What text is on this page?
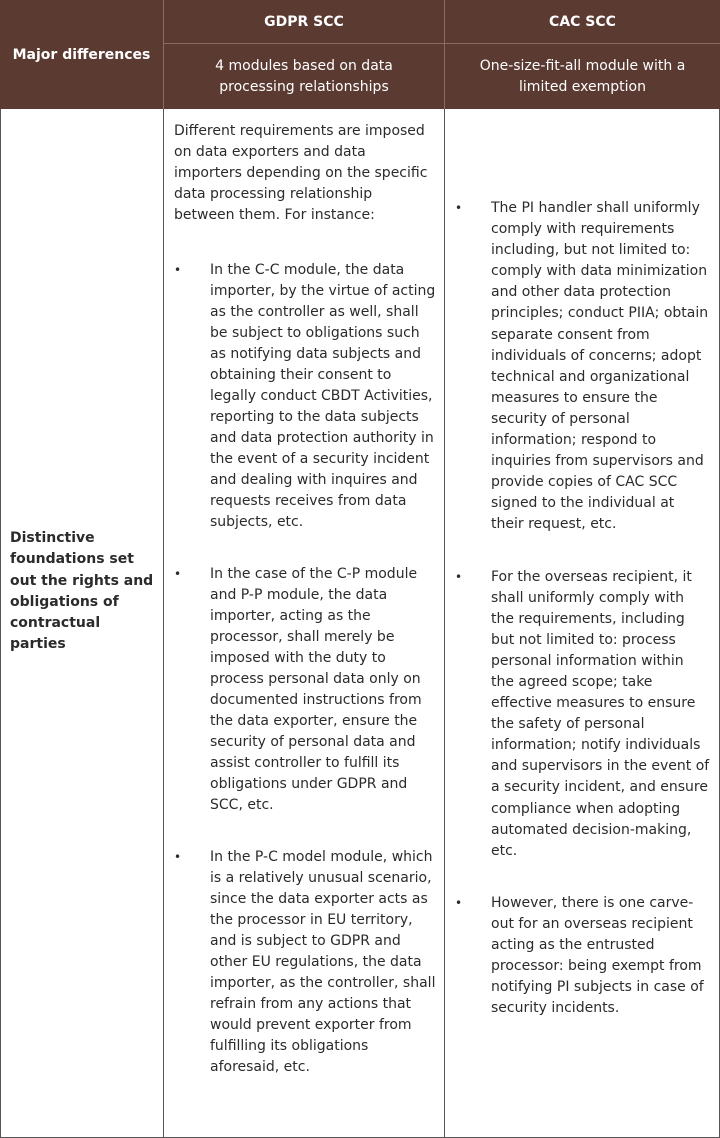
Major differences
GDPR SCC	CAC SCC
4 modules based on data processing relationships
One-size-fit-all module with a limited exemption
Distinctive foundations set out the rights and obligations of contractual parties

Different requirements are imposed on data exporters and data importers depending on the specific data processing relationship between them. For instance:

• In the C-C module, the data importer, by the virtue of acting as the controller as well, shall be subject to obligations such as notifying data subjects and obtaining their consent to legally conduct CBDT Activities, reporting to the data subjects and data protection authority in the event of a security incident and dealing with inquires and requests receives from data subjects, etc.
• In the case of the C-P module and P-P module, the data importer, acting as the processor, shall merely be imposed with the duty to process personal data only on documented instructions from the data exporter, ensure the security of personal data and assist controller to fulfill its obligations under GDPR and SCC, etc.
• In the P-C model module, which is a relatively unusual scenario, since the data exporter acts as the processor in EU territory, and is subject to GDPR and other EU regulations, the data importer, as the controller, shall refrain from any actions that would prevent exporter from fulfilling its obligations aforesaid, etc.
• The PI handler shall uniformly comply with requirements including, but not limited to: comply with data minimization and other data protection principles; conduct PIIA; obtain separate consent from individuals of concerns; adopt technical and organizational measures to ensure the security of personal information; respond to inquiries from supervisors and provide copies of CAC SCC signed to the individual at their request, etc.
• For the overseas recipient, it shall uniformly comply with the requirements, including but not limited to: process personal information within the agreed scope; take effective measures to ensure the safety of personal information; notify individuals and supervisors in the event of a security incident, and ensure compliance when adopting automated decision-making, etc.
• However, there is one carve-out for an overseas recipient acting as the entrusted processor: being exempt from notifying PI subjects in case of security incidents.
